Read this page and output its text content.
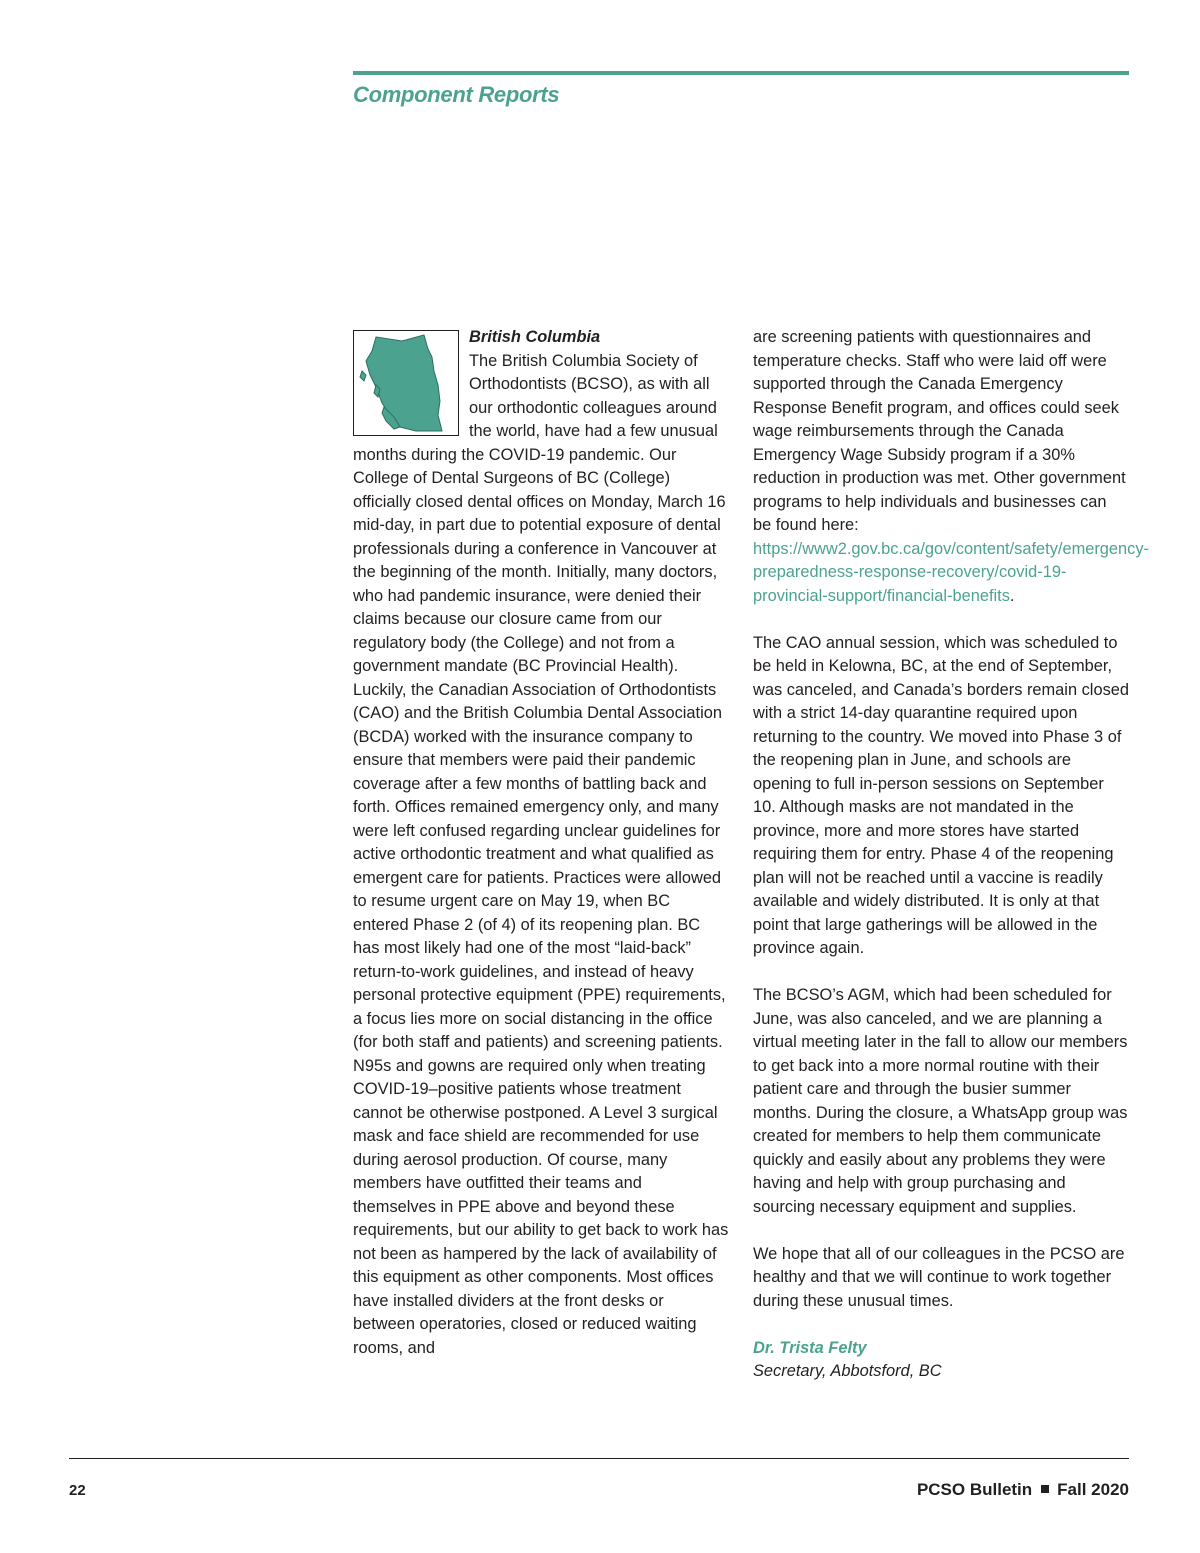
Component Reports
British Columbia

The British Columbia Society of Orthodontists (BCSO), as with all our orthodontic colleagues around the world, have had a few unusual months during the COVID-19 pandemic. Our College of Dental Surgeons of BC (College) officially closed dental offices on Monday, March 16 mid-day, in part due to potential exposure of dental professionals during a conference in Vancouver at the beginning of the month. Initially, many doctors, who had pandemic insurance, were denied their claims because our closure came from our regulatory body (the College) and not from a government mandate (BC Provincial Health). Luckily, the Canadian Association of Orthodontists (CAO) and the British Columbia Dental Association (BCDA) worked with the insurance company to ensure that members were paid their pandemic coverage after a few months of battling back and forth. Offices remained emergency only, and many were left confused regarding unclear guidelines for active orthodontic treatment and what qualified as emergent care for patients. Practices were allowed to resume urgent care on May 19, when BC entered Phase 2 (of 4) of its reopening plan. BC has most likely had one of the most “laid-back” return-to-work guidelines, and instead of heavy personal protective equipment (PPE) requirements, a focus lies more on social distancing in the office (for both staff and patients) and screening patients. N95s and gowns are required only when treating COVID-19–positive patients whose treatment cannot be otherwise postponed. A Level 3 surgical mask and face shield are recommended for use during aerosol production. Of course, many members have outfitted their teams and themselves in PPE above and beyond these requirements, but our ability to get back to work has not been as hampered by the lack of availability of this equipment as other components. Most offices have installed dividers at the front desks or between operatories, closed or reduced waiting rooms, and

are screening patients with questionnaires and temperature checks. Staff who were laid off were supported through the Canada Emergency Response Benefit program, and offices could seek wage reimbursements through the Canada Emergency Wage Subsidy program if a 30% reduction in production was met. Other government programs to help individuals and businesses can be found here: https://www2.gov.bc.ca/gov/content/safety/emergency-preparedness-response-recovery/covid-19-provincial-support/financial-benefits.

The CAO annual session, which was scheduled to be held in Kelowna, BC, at the end of September, was canceled, and Canada’s borders remain closed with a strict 14-day quarantine required upon returning to the country. We moved into Phase 3 of the reopening plan in June, and schools are opening to full in-person sessions on September 10. Although masks are not mandated in the province, more and more stores have started requiring them for entry. Phase 4 of the reopening plan will not be reached until a vaccine is readily available and widely distributed. It is only at that point that large gatherings will be allowed in the province again.

The BCSO’s AGM, which had been scheduled for June, was also canceled, and we are planning a virtual meeting later in the fall to allow our members to get back into a more normal routine with their patient care and through the busier summer months. During the closure, a WhatsApp group was created for members to help them communicate quickly and easily about any problems they were having and help with group purchasing and sourcing necessary equipment and supplies.

We hope that all of our colleagues in the PCSO are healthy and that we will continue to work together during these unusual times.

Dr. Trista Felty
Secretary, Abbotsford, BC
22	PCSO Bulletin Fall 2020
